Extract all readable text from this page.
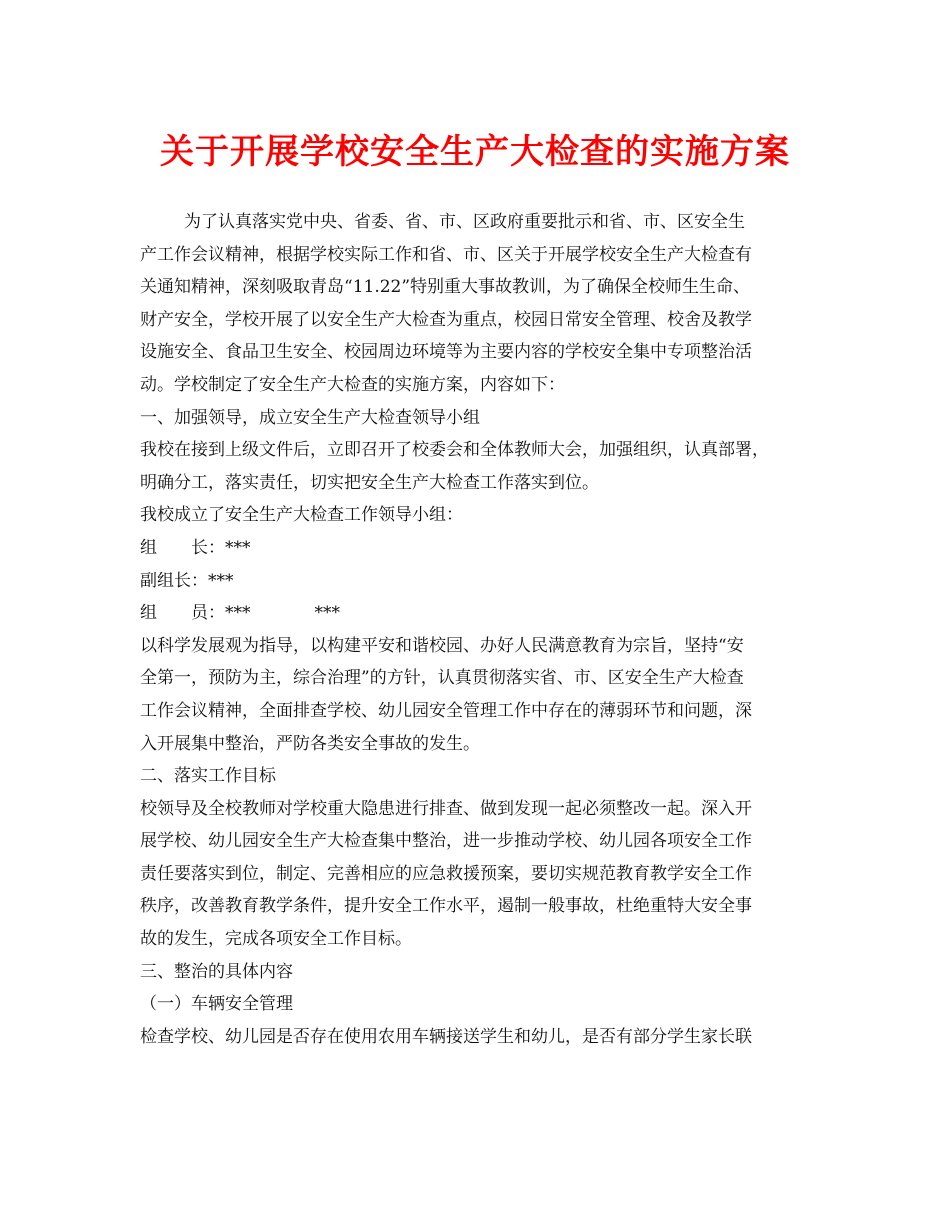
关于开展学校安全生产大检查的实施方案
为了认真落实党中央、省委、省、市、区政府重要批示和省、市、区安全生
产工作会议精神，根据学校实际工作和省、市、区关于开展学校安全生产大检查有
关通知精神，深刻吸取青岛“11.22”特别重大事故教训，为了确保全校师生生命、
财产安全，学校开展了以安全生产大检查为重点，校园日常安全管理、校舍及教学
设施安全、食品卫生安全、校园周边环境等为主要内容的学校安全集中专项整治活
动。学校制定了安全生产大检查的实施方案，内容如下：
一、加强领导，成立安全生产大检查领导小组
我校在接到上级文件后，立即召开了校委会和全体教师大会，加强组织，认真部署，
明确分工，落实责任，切实把安全生产大检查工作落实到位。
我校成立了安全生产大检查工作领导小组：
组　　长： ***
副组长： ***
组　　员： ***	***
以科学发展观为指导，以构建平安和谐校园、办好人民满意教育为宗旨，坚持“安
全第一，预防为主，综合治理”的方针，认真贯彻落实省、市、区安全生产大检查
工作会议精神，全面排查学校、幼儿园安全管理工作中存在的薄弱环节和问题，深
入开展集中整治，严防各类安全事故的发生。
二、落实工作目标
校领导及全校教师对学校重大隐患进行排查、做到发现一起必须整改一起。深入开
展学校、幼儿园安全生产大检查集中整治，进一步推动学校、幼儿园各项安全工作
责任要落实到位，制定、完善相应的应急救援预案，要切实规范教育教学安全工作
秩序，改善教育教学条件，提升安全工作水平，遏制一般事故，杜绝重特大安全事
故的发生，完成各项安全工作目标。
三、整治的具体内容
（一）车辆安全管理
检查学校、幼儿园是否存在使用农用车辆接送学生和幼儿，是否有部分学生家长联
